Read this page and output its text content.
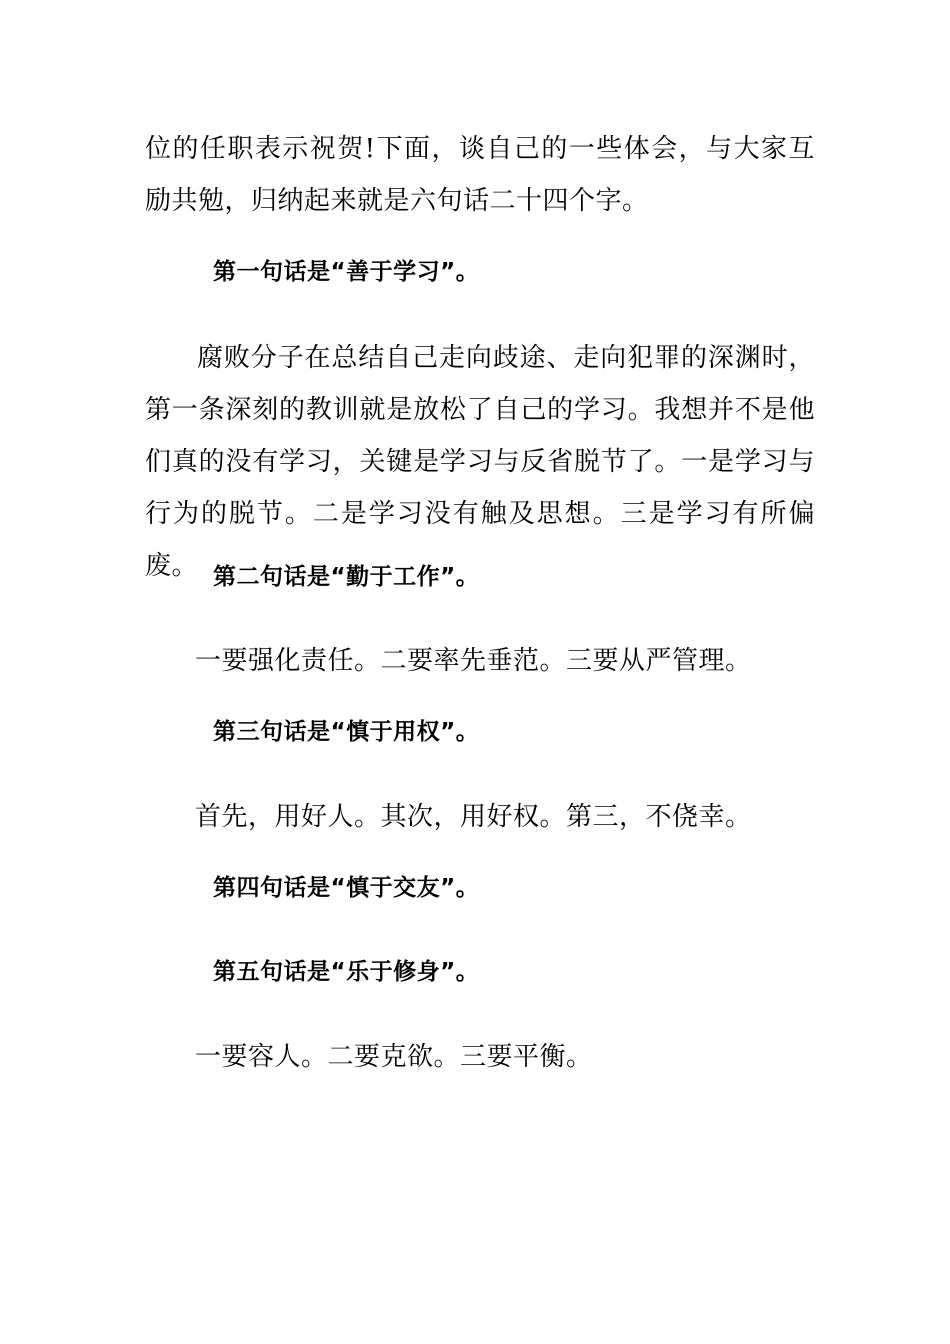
位的任职表示祝贺!下面，谈自己的一些体会，与大家互励共勉，归纳起来就是六句话二十四个字。

第一句话是“善于学习”。

腐败分子在总结自己走向歧途、走向犯罪的深渊时，第一条深刻的教训就是放松了自己的学习。我想并不是他们真的没有学习，关键是学习与反省脱节了。一是学习与行为的脱节。二是学习没有触及思想。三是学习有所偏废。 第二句话是“勤于工作”。

一要强化责任。二要率先垂范。三要从严管理。

第三句话是“慎于用权”。

首先，用好人。其次，用好权。第三，不侥幸。

第四句话是“慎于交友”。
第五句话是“乐于修身”。

一要容人。二要克欲。三要平衡。
